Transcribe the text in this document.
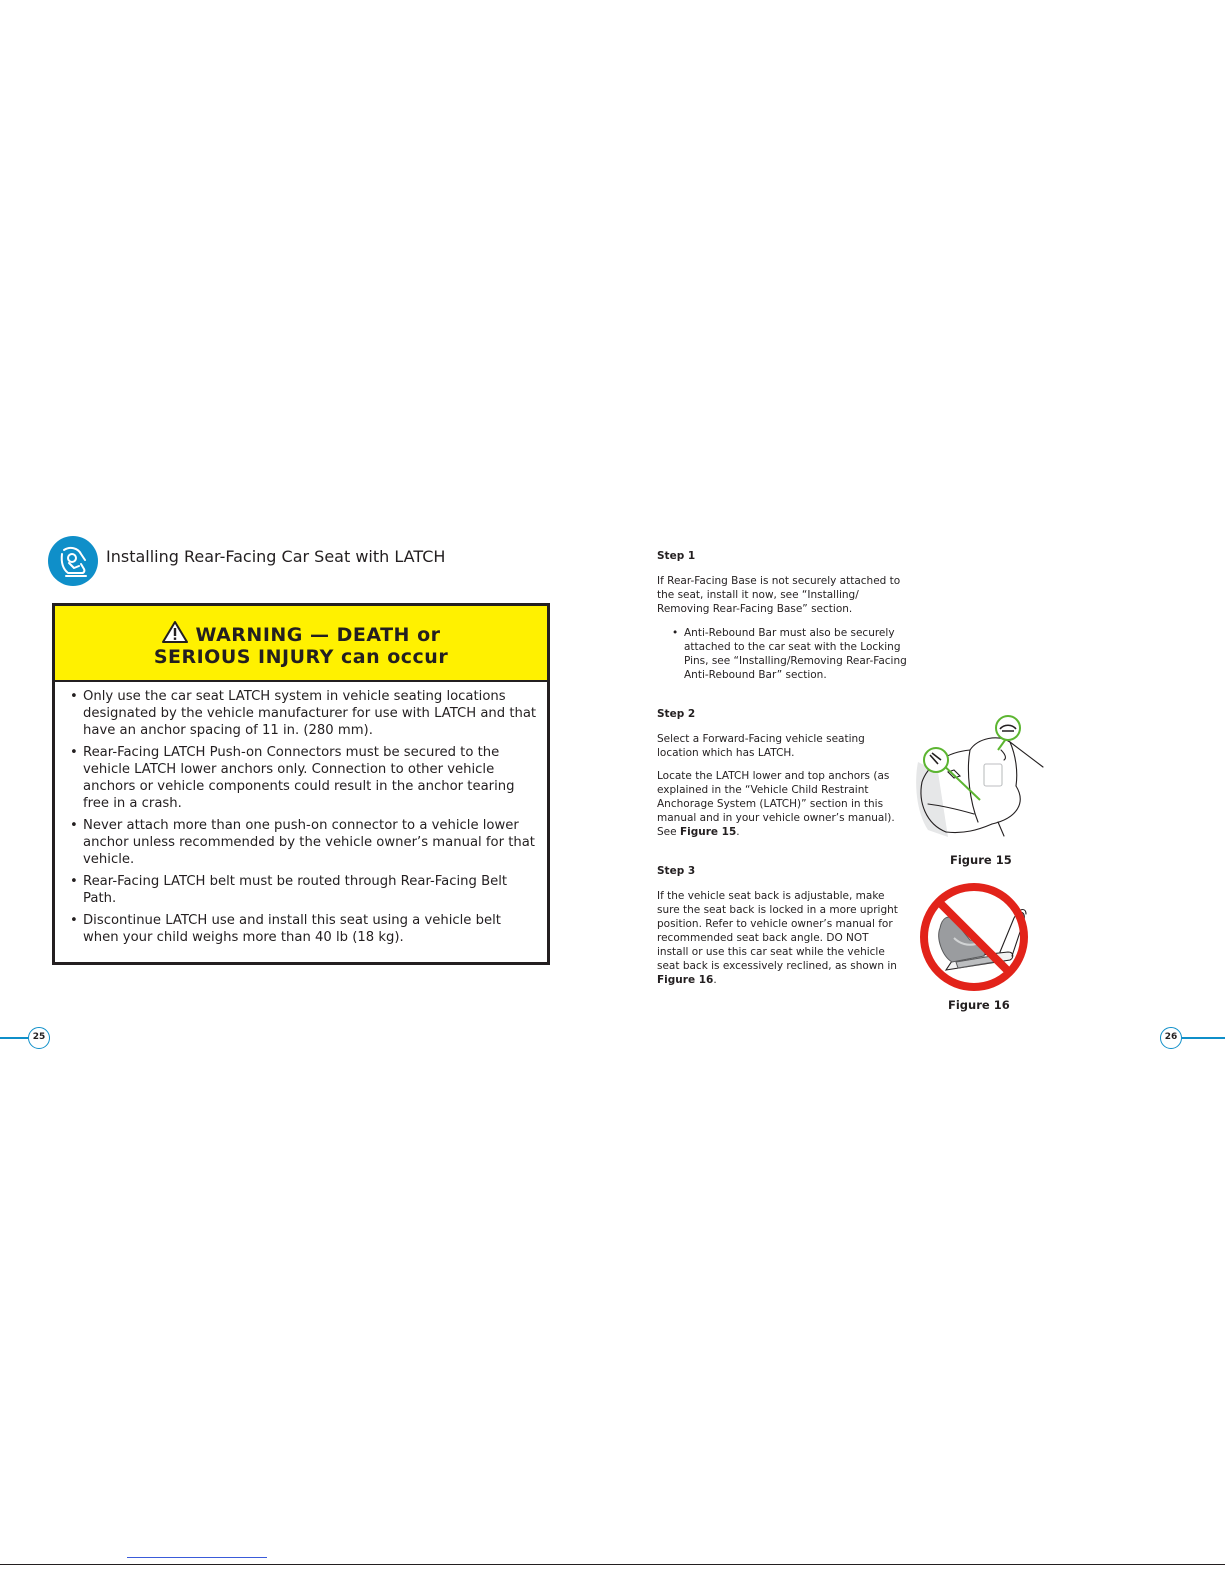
Installing Rear-Facing Car Seat with LATCH
WARNING — DEATH or
SERIOUS INJURY can occur
• Only use the car seat LATCH system in vehicle seating locations designated by the vehicle manufacturer for use with LATCH and that have an anchor spacing of 11 in. (280 mm).
• Rear-Facing LATCH Push-on Connectors must be secured to the vehicle LATCH lower anchors only. Connection to other vehicle anchors or vehicle components could result in the anchor tearing free in a crash.
• Never attach more than one push-on connector to a vehicle lower anchor unless recommended by the vehicle owner’s manual for that vehicle.
• Rear-Facing LATCH belt must be routed through Rear-Facing Belt Path.
• Discontinue LATCH use and install this seat using a vehicle belt when your child weighs more than 40 lb (18 kg).
25
Step 1
If Rear-Facing Base is not securely attached to the seat, install it now, see “Installing/ Removing Rear-Facing Base” section.
• Anti-Rebound Bar must also be securely attached to the car seat with the Locking Pins, see “Installing/Removing Rear-Facing Anti-Rebound Bar” section.
Step 2
Select a Forward-Facing vehicle seating location which has LATCH.
Locate the LATCH lower and top anchors (as explained in the “Vehicle Child Restraint Anchorage System (LATCH)” section in this manual and in your vehicle owner’s manual). See Figure 15.
Step 3
If the vehicle seat back is adjustable, make sure the seat back is locked in a more upright position. Refer to vehicle owner’s manual for recommended seat back angle. DO NOT install or use this car seat while the vehicle seat back is excessively reclined, as shown in Figure 16.
Figure 15
Figure 16
26
